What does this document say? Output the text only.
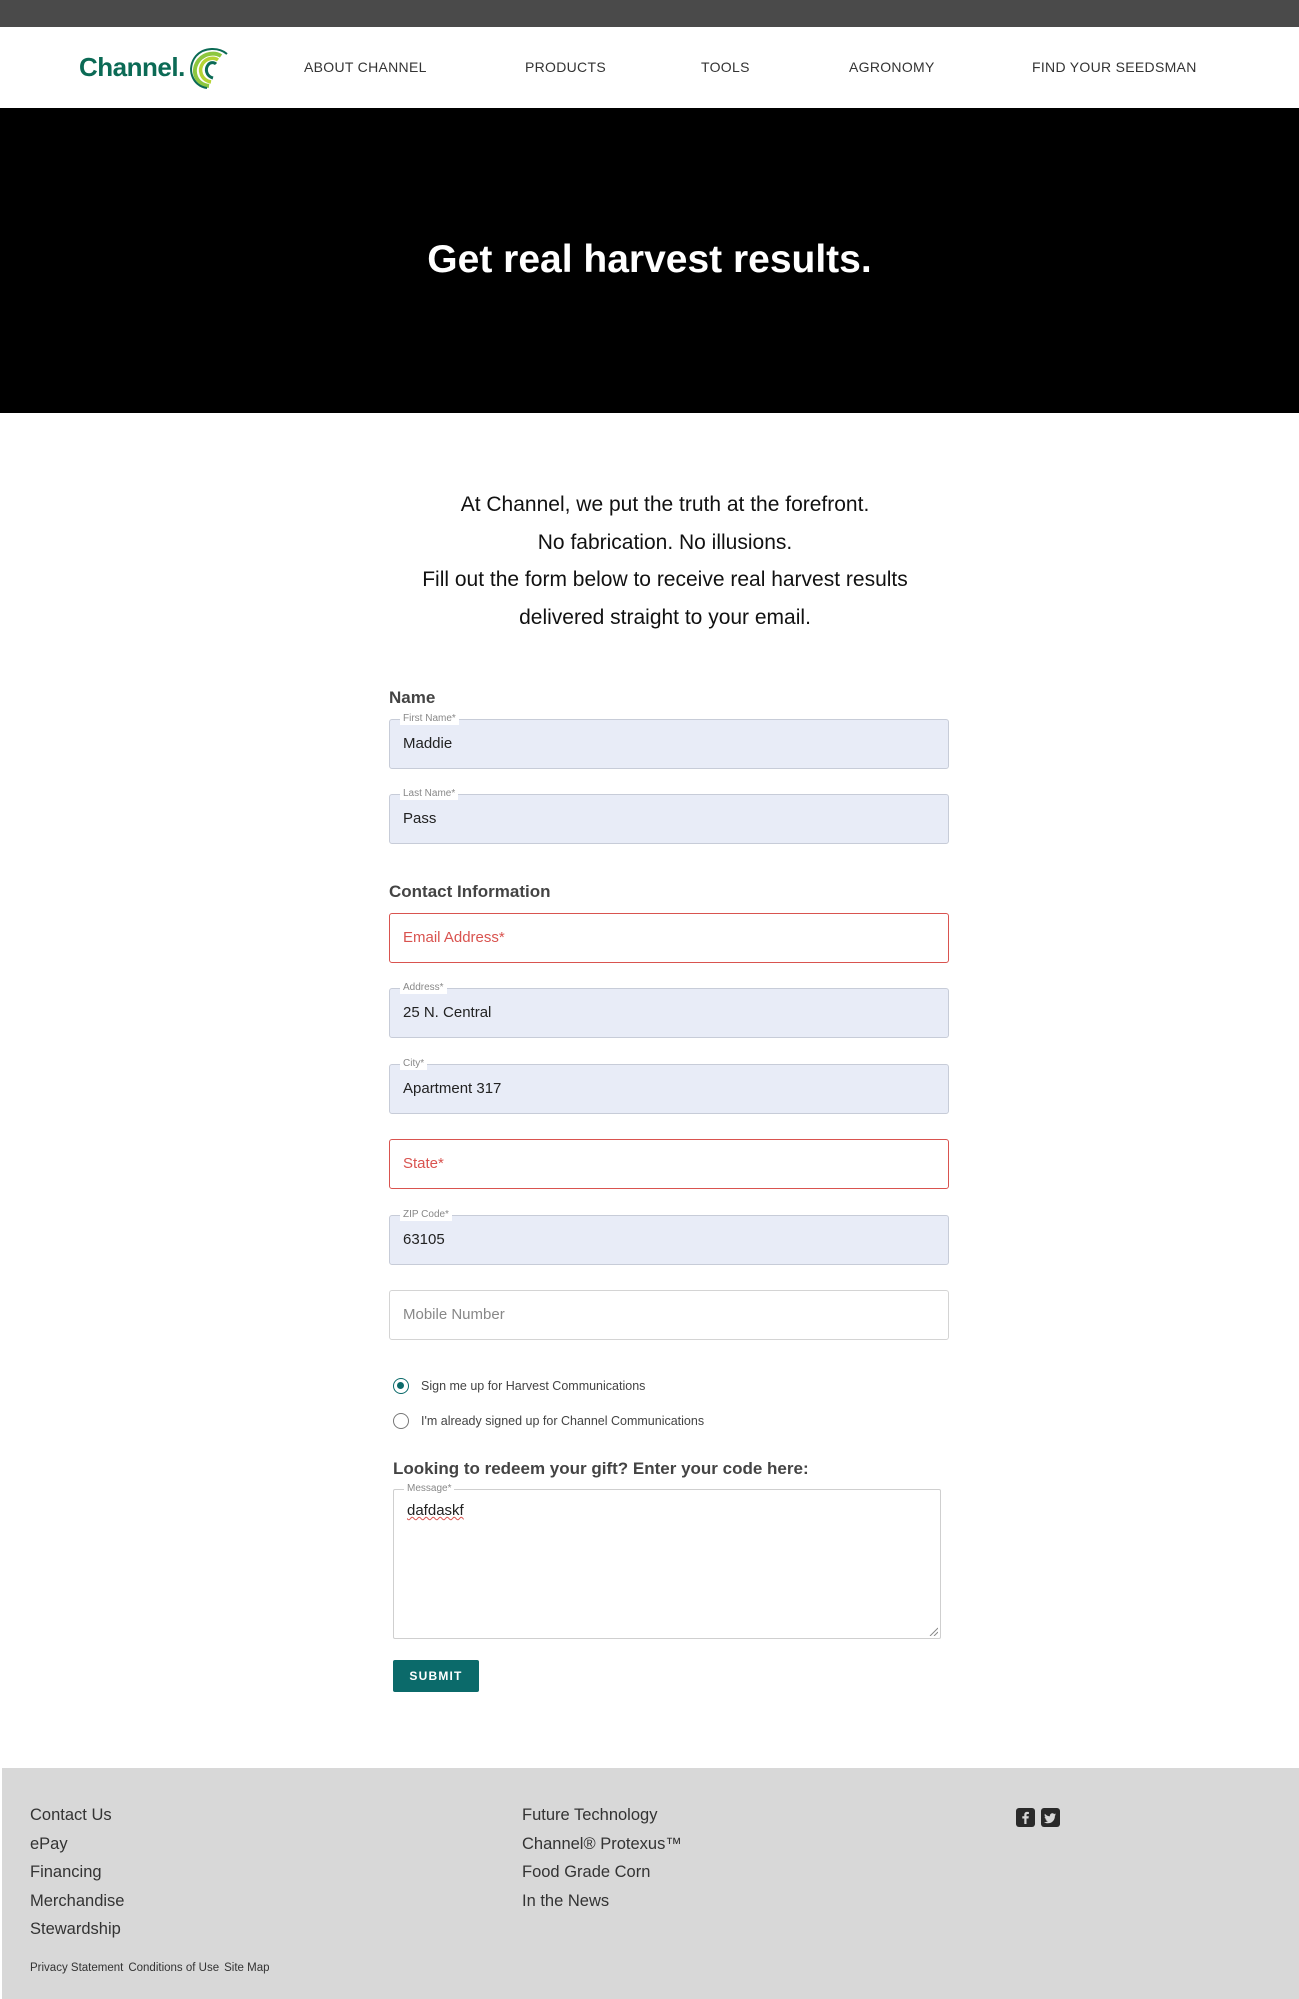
Channel.	ABOUT CHANNEL	PRODUCTS	TOOLS	AGRONOMY	FIND YOUR SEEDSMAN
Get real harvest results.
At Channel, we put the truth at the forefront.
No fabrication. No illusions.
Fill out the form below to receive real harvest results
delivered straight to your email.
Name
First Name*
Maddie
Last Name*
Pass
Contact Information
Email Address*
Address*
25 N. Central
City*
Apartment 317
State*
ZIP Code*
63105
Mobile Number
Sign me up for Harvest Communications
I'm already signed up for Channel Communications
Looking to redeem your gift? Enter your code here:
Message*
dafdaskf
SUBMIT
Contact Us
ePay
Financing
Merchandise
Stewardship
Future Technology
Channel® Protexus™
Food Grade Corn
In the News
Privacy Statement Conditions of Use Site Map
